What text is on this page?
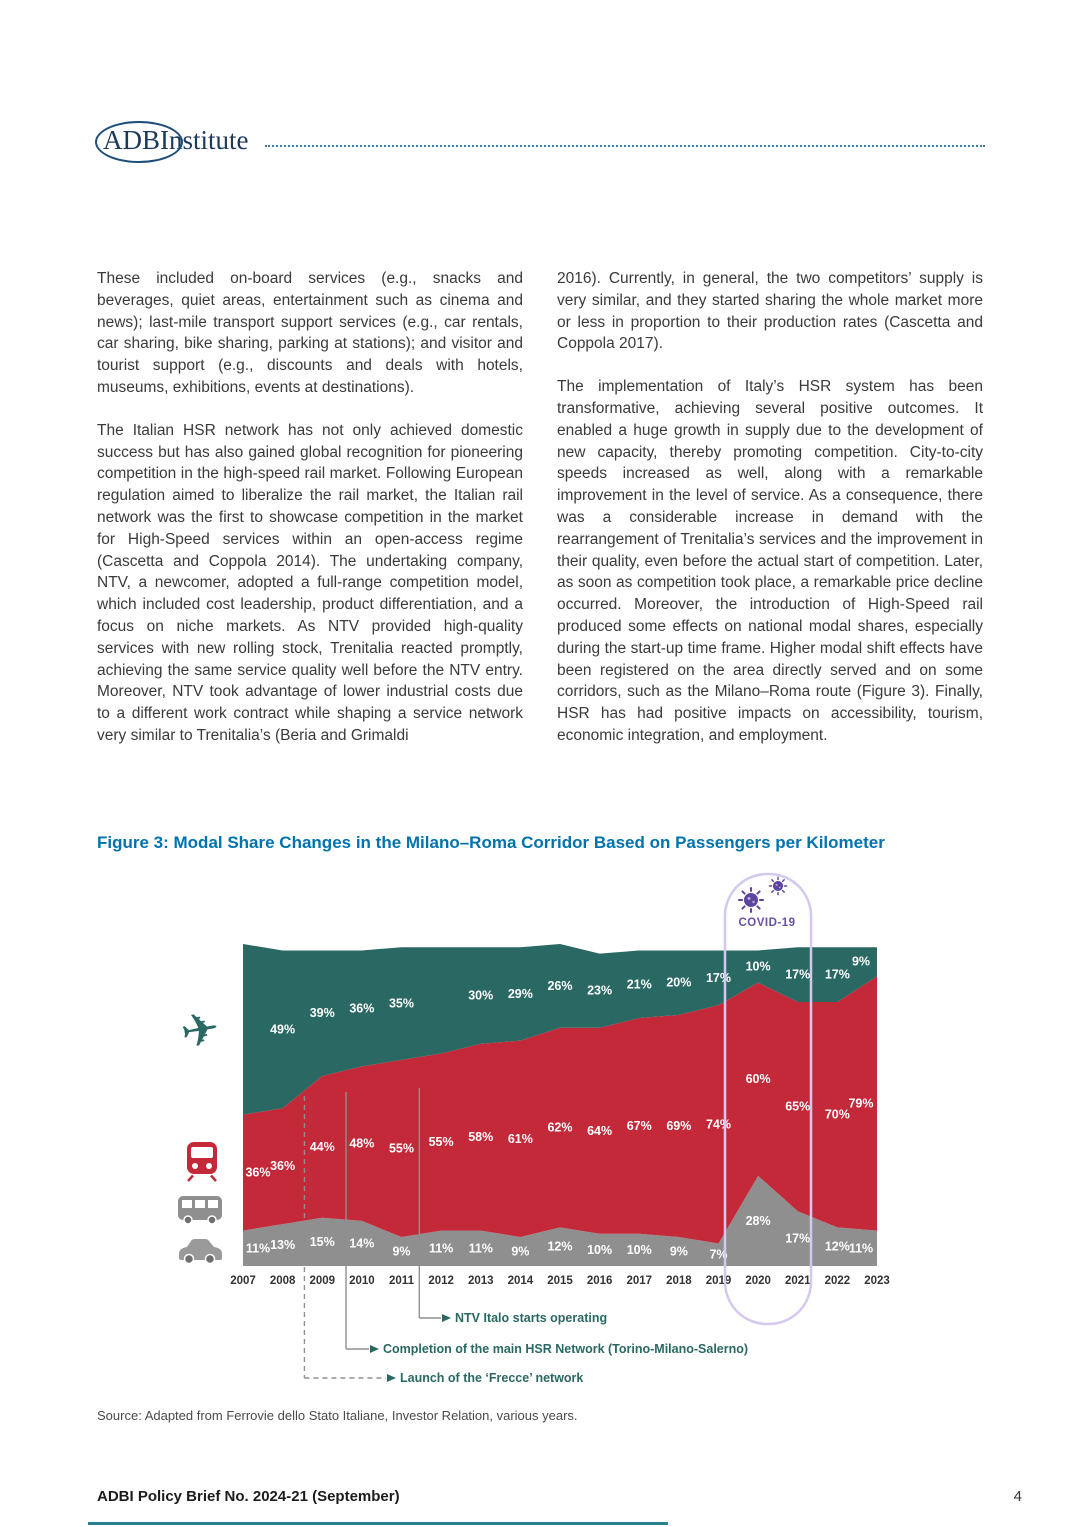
ADBInstitute

These included on-board services (e.g., snacks and beverages, quiet areas, entertainment such as cinema and news); last-mile transport support services (e.g., car rentals, car sharing, bike sharing, parking at stations); and visitor and tourist support (e.g., discounts and deals with hotels, museums, exhibitions, events at destinations).

The Italian HSR network has not only achieved domestic success but has also gained global recognition for pioneering competition in the high-speed rail market. Following European regulation aimed to liberalize the rail market, the Italian rail network was the first to showcase competition in the market for High-Speed services within an open-access regime (Cascetta and Coppola 2014). The undertaking company, NTV, a newcomer, adopted a full-range competition model, which included cost leadership, product differentiation, and a focus on niche markets. As NTV provided high-quality services with new rolling stock, Trenitalia reacted promptly, achieving the same service quality well before the NTV entry. Moreover, NTV took advantage of lower industrial costs due to a different work contract while shaping a service network very similar to Trenitalia’s (Beria and Grimaldi

2016). Currently, in general, the two competitors’ supply is very similar, and they started sharing the whole market more or less in proportion to their production rates (Cascetta and Coppola 2017).

The implementation of Italy’s HSR system has been transformative, achieving several positive outcomes. It enabled a huge growth in supply due to the development of new capacity, thereby promoting competition. City-to-city speeds increased as well, along with a remarkable improvement in the level of service. As a consequence, there was a considerable increase in demand with the rearrangement of Trenitalia’s services and the improvement in their quality, even before the actual start of competition. Later, as soon as competition took place, a remarkable price decline occurred. Moreover, the introduction of High-Speed rail produced some effects on national modal shares, especially during the start-up time frame. Higher modal shift effects have been registered on the area directly served and on some corridors, such as the Milano–Roma route (Figure 3). Finally, HSR has had positive impacts on accessibility, tourism, economic integration, and employment.

Figure 3: Modal Share Changes in the Milano–Roma Corridor Based on Passengers per Kilometer
11% 13% 15% 14%
9% 11% 11% 9% 12% 10% 10% 9% 7%
28%
17%
12%
11%
36% 36%
44% 48% 55% 55% 58% 61%
62% 64% 67% 69% 74%
60%
65%
70%
79%
49%
39% 36% 35%
30% 29%
26% 23% 21% 20% 17%
10%
17% 17%
9%
2007 2008 2009 2010 2011 2012 2013 2014 2015 2016 2017 2018 2019 2020 2021 2022 2023
NTV Italo starts operating
Completion of the main HSR Network (Torino-Milano-Salerno)
Launch of the ‘Frecce’ network
COVID-19
✈

Source: Adapted from Ferrovie dello Stato Italiane, Investor Relation, various years.

ADBI Policy Brief No. 2024-21 (September)	4
